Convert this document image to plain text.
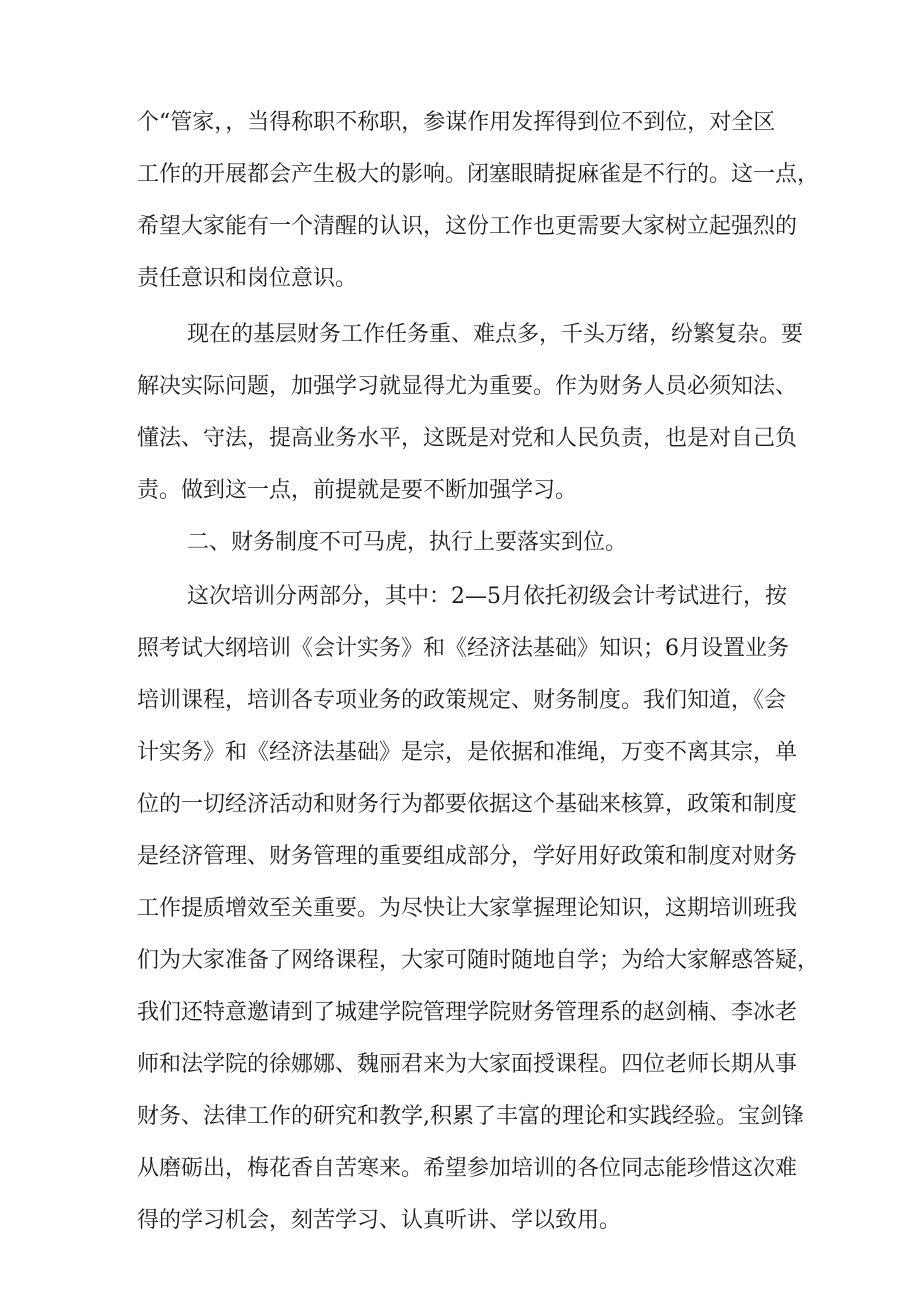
个“管家，，当得称职不称职，参谋作用发挥得到位不到位，对全区
工作的开展都会产生极大的影响。闭塞眼睛捉麻雀是不行的。这一点，
希望大家能有一个清醒的认识，这份工作也更需要大家树立起强烈的
责任意识和岗位意识。
现在的基层财务工作任务重、难点多，千头万绪，纷繁复杂。要
解决实际问题，加强学习就显得尤为重要。作为财务人员必须知法、
懂法、守法，提高业务水平，这既是对党和人民负责，也是对自己负
责。做到这一点，前提就是要不断加强学习。
二、财务制度不可马虎，执行上要落实到位。
这次培训分两部分，其中：2—5月依托初级会计考试进行，按
照考试大纲培训《会计实务》和《经济法基础》知识；6月设置业务
培训课程，培训各专项业务的政策规定、财务制度。我们知道，《会
计实务》和《经济法基础》是宗，是依据和准绳，万变不离其宗，单
位的一切经济活动和财务行为都要依据这个基础来核算，政策和制度
是经济管理、财务管理的重要组成部分，学好用好政策和制度对财务
工作提质增效至关重要。为尽快让大家掌握理论知识，这期培训班我
们为大家准备了网络课程，大家可随时随地自学；为给大家解惑答疑，
我们还特意邀请到了城建学院管理学院财务管理系的赵剑楠、李冰老
师和法学院的徐娜娜、魏丽君来为大家面授课程。四位老师长期从事
财务、法律工作的研究和教学,积累了丰富的理论和实践经验。宝剑锋
从磨砺出，梅花香自苦寒来。希望参加培训的各位同志能珍惜这次难
得的学习机会，刻苦学习、认真听讲、学以致用。
